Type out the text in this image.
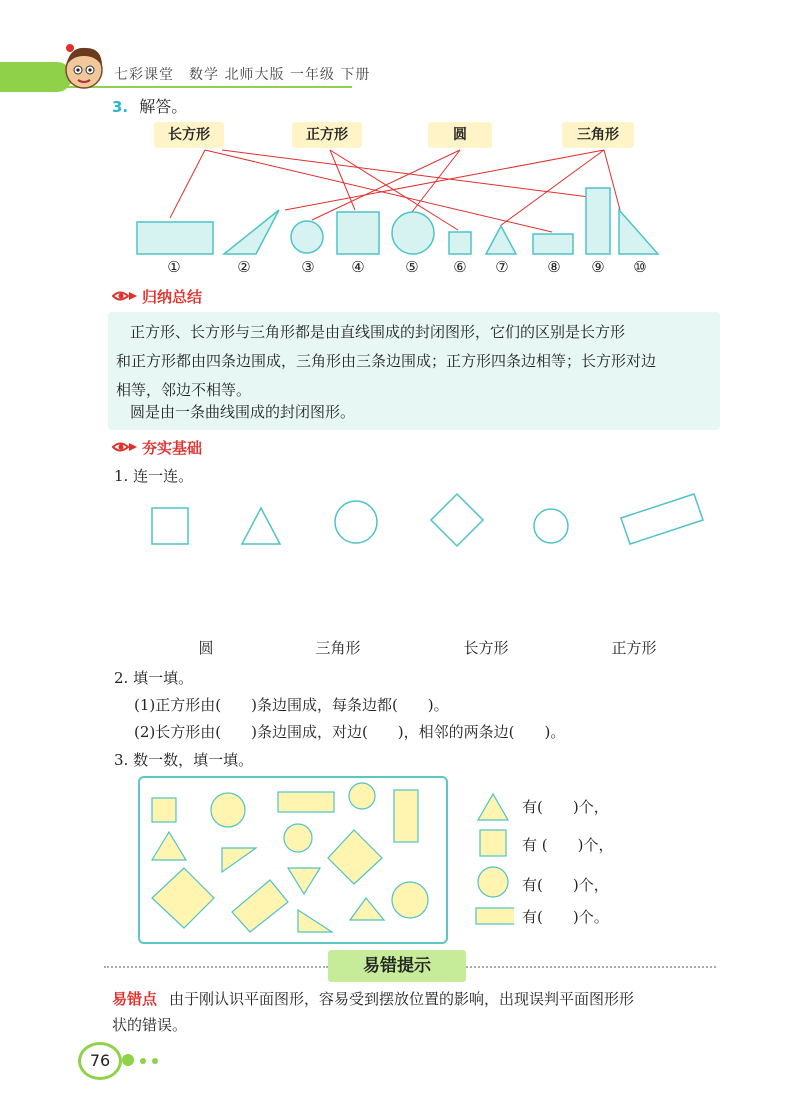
七彩课堂　数学 北师大版 一年级 下册
3. 解答。
长方形	正方形	圆	三角形
①	②	③	④	⑤	⑥	⑦	⑧	⑨	⑩
归纳总结
正方形、长方形与三角形都是由直线围成的封闭图形，它们的区别是长方形
和正方形都由四条边围成，三角形由三条边围成；正方形四条边相等；长方形对边
相等，邻边不相等。
圆是由一条曲线围成的封闭图形。
夯实基础
1. 连一连。
圆	三角形	长方形	正方形
2. 填一填。
(1)正方形由(　　)条边围成，每条边都(　　)。
(2)长方形由(　　)条边围成，对边(　　)，相邻的两条边(　　)。
3. 数一数，填一填。
有(　　)个，
有 (　　)个，
有(　　)个，
有(　　)个。
易错提示
易错点 由于刚认识平面图形，容易受到摆放位置的影响，出现误判平面图形形
状的错误。
76
